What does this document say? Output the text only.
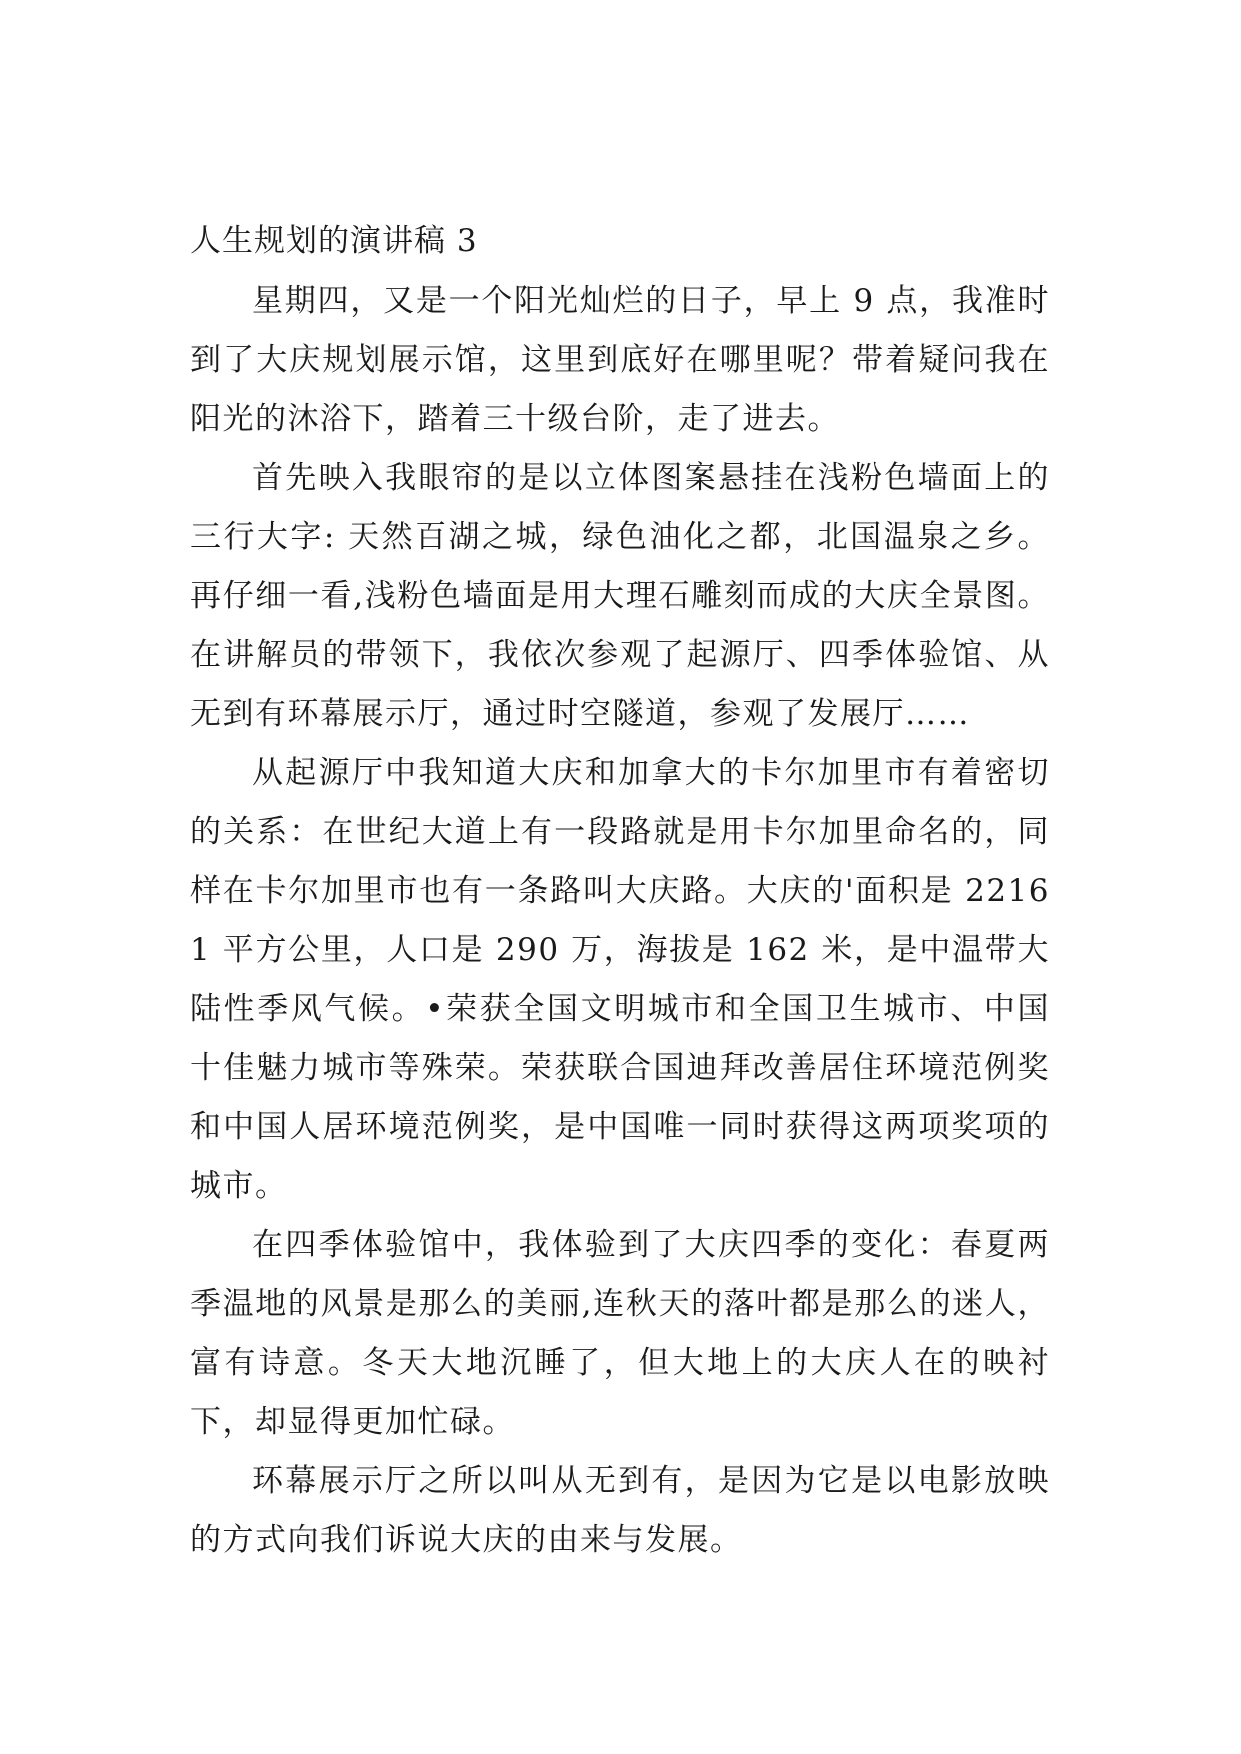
人生规划的演讲稿 3

星期四，又是一个阳光灿烂的日子，早上 9 点，我准时到了大庆规划展示馆，这里到底好在哪里呢？带着疑问我在阳光的沐浴下，踏着三十级台阶，走了进去。

首先映入我眼帘的是以立体图案悬挂在浅粉色墙面上的三行大字: 天然百湖之城，绿色油化之都，北国温泉之乡。再仔细一看,浅粉色墙面是用大理石雕刻而成的大庆全景图。在讲解员的带领下，我依次参观了起源厅、四季体验馆、从无到有环幕展示厅，通过时空隧道，参观了发展厅……

从起源厅中我知道大庆和加拿大的卡尔加里市有着密切的关系：在世纪大道上有一段路就是用卡尔加里命名的，同样在卡尔加里市也有一条路叫大庆路。大庆的'面积是 22161 平方公里，人口是 290 万，海拔是 162 米，是中温带大陆性季风气候。•荣获全国文明城市和全国卫生城市、中国十佳魅力城市等殊荣。荣获联合国迪拜改善居住环境范例奖和中国人居环境范例奖，是中国唯一同时获得这两项奖项的城市。

在四季体验馆中，我体验到了大庆四季的变化：春夏两季温地的风景是那么的美丽,连秋天的落叶都是那么的迷人，富有诗意。冬天大地沉睡了，但大地上的大庆人在的映衬下，却显得更加忙碌。

环幕展示厅之所以叫从无到有，是因为它是以电影放映的方式向我们诉说大庆的由来与发展。
